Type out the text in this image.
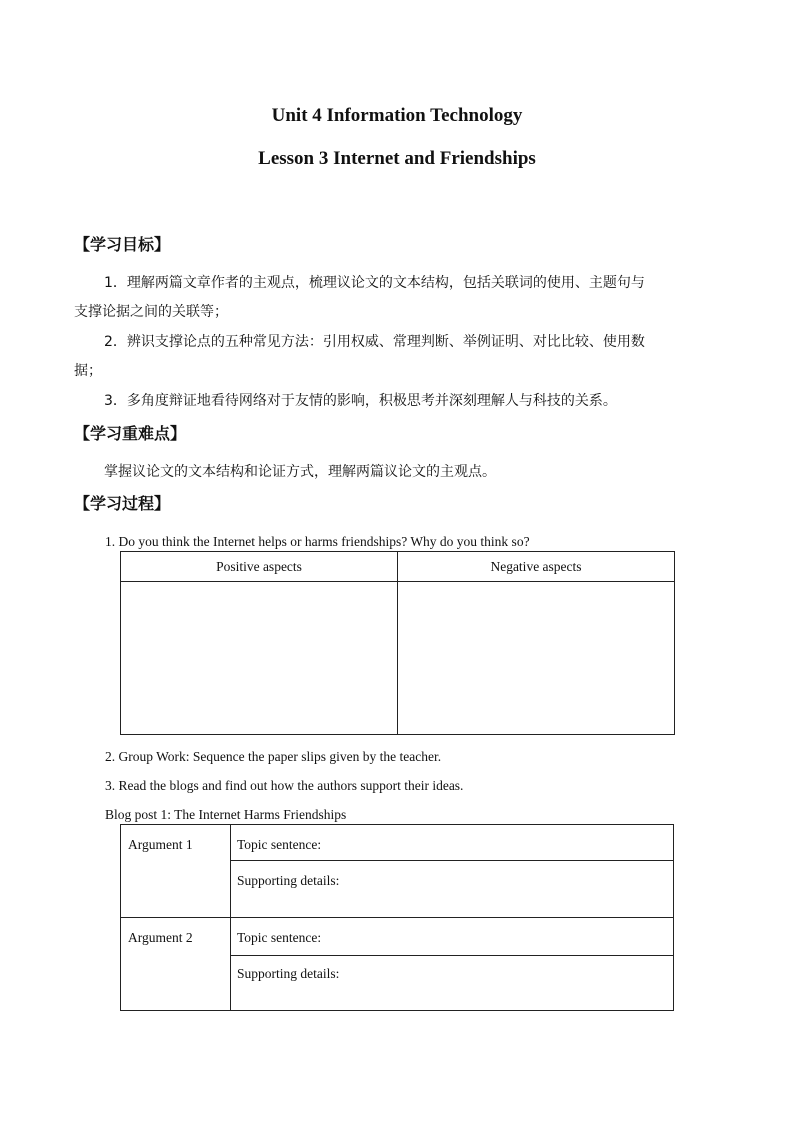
Unit 4 Information Technology
Lesson 3 Internet and Friendships
【学习目标】
1．理解两篇文章作者的主观点，梳理议论文的文本结构，包括关联词的使用、主题句与
支撑论据之间的关联等；
2．辨识支撑论点的五种常见方法：引用权威、常理判断、举例证明、对比比较、使用数
据；
3．多角度辩证地看待网络对于友情的影响，积极思考并深刻理解人与科技的关系。
【学习重难点】
掌握议论文的文本结构和论证方式，理解两篇议论文的主观点。
【学习过程】
1. Do you think the Internet helps or harms friendships? Why do you think so?
Positive aspects	Negative aspects

2. Group Work: Sequence the paper slips given by the teacher.
3. Read the blogs and find out how the authors support their ideas.
Blog post 1: The Internet Harms Friendships
Argument 1	Topic sentence:
	Supporting details:
Argument 2	Topic sentence:
	Supporting details:
